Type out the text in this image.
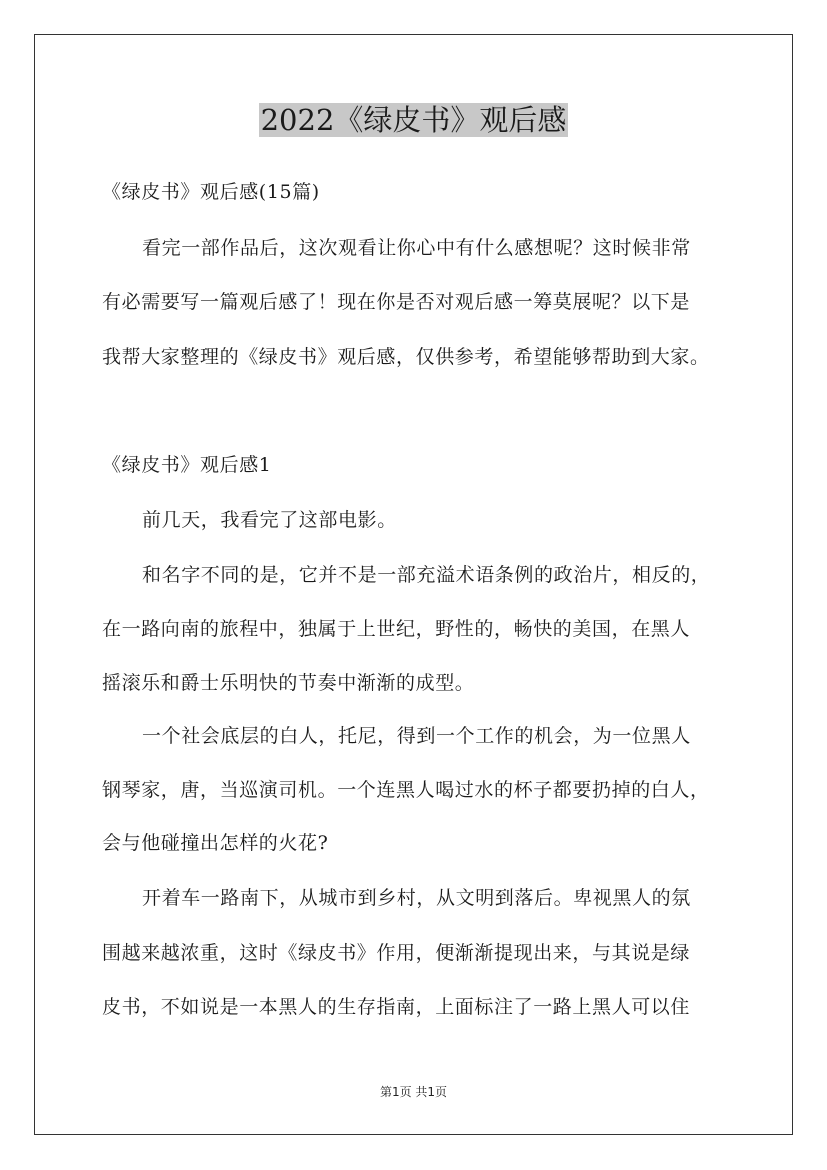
2022《绿皮书》观后感
《绿皮书》观后感(15篇)
看完一部作品后，这次观看让你心中有什么感想呢？这时候非常
有必需要写一篇观后感了！现在你是否对观后感一筹莫展呢？以下是
我帮大家整理的《绿皮书》观后感，仅供参考，希望能够帮助到大家。
《绿皮书》观后感1
前几天，我看完了这部电影。
和名字不同的是，它并不是一部充溢术语条例的政治片，相反的，
在一路向南的旅程中，独属于上世纪，野性的，畅快的美国，在黑人
摇滚乐和爵士乐明快的节奏中渐渐的成型。
一个社会底层的白人，托尼，得到一个工作的机会，为一位黑人
钢琴家，唐，当巡演司机。一个连黑人喝过水的杯子都要扔掉的白人，
会与他碰撞出怎样的火花?
开着车一路南下，从城市到乡村，从文明到落后。卑视黑人的氛
围越来越浓重，这时《绿皮书》作用，便渐渐提现出来，与其说是绿
皮书，不如说是一本黑人的生存指南，上面标注了一路上黑人可以住
第1页 共1页
